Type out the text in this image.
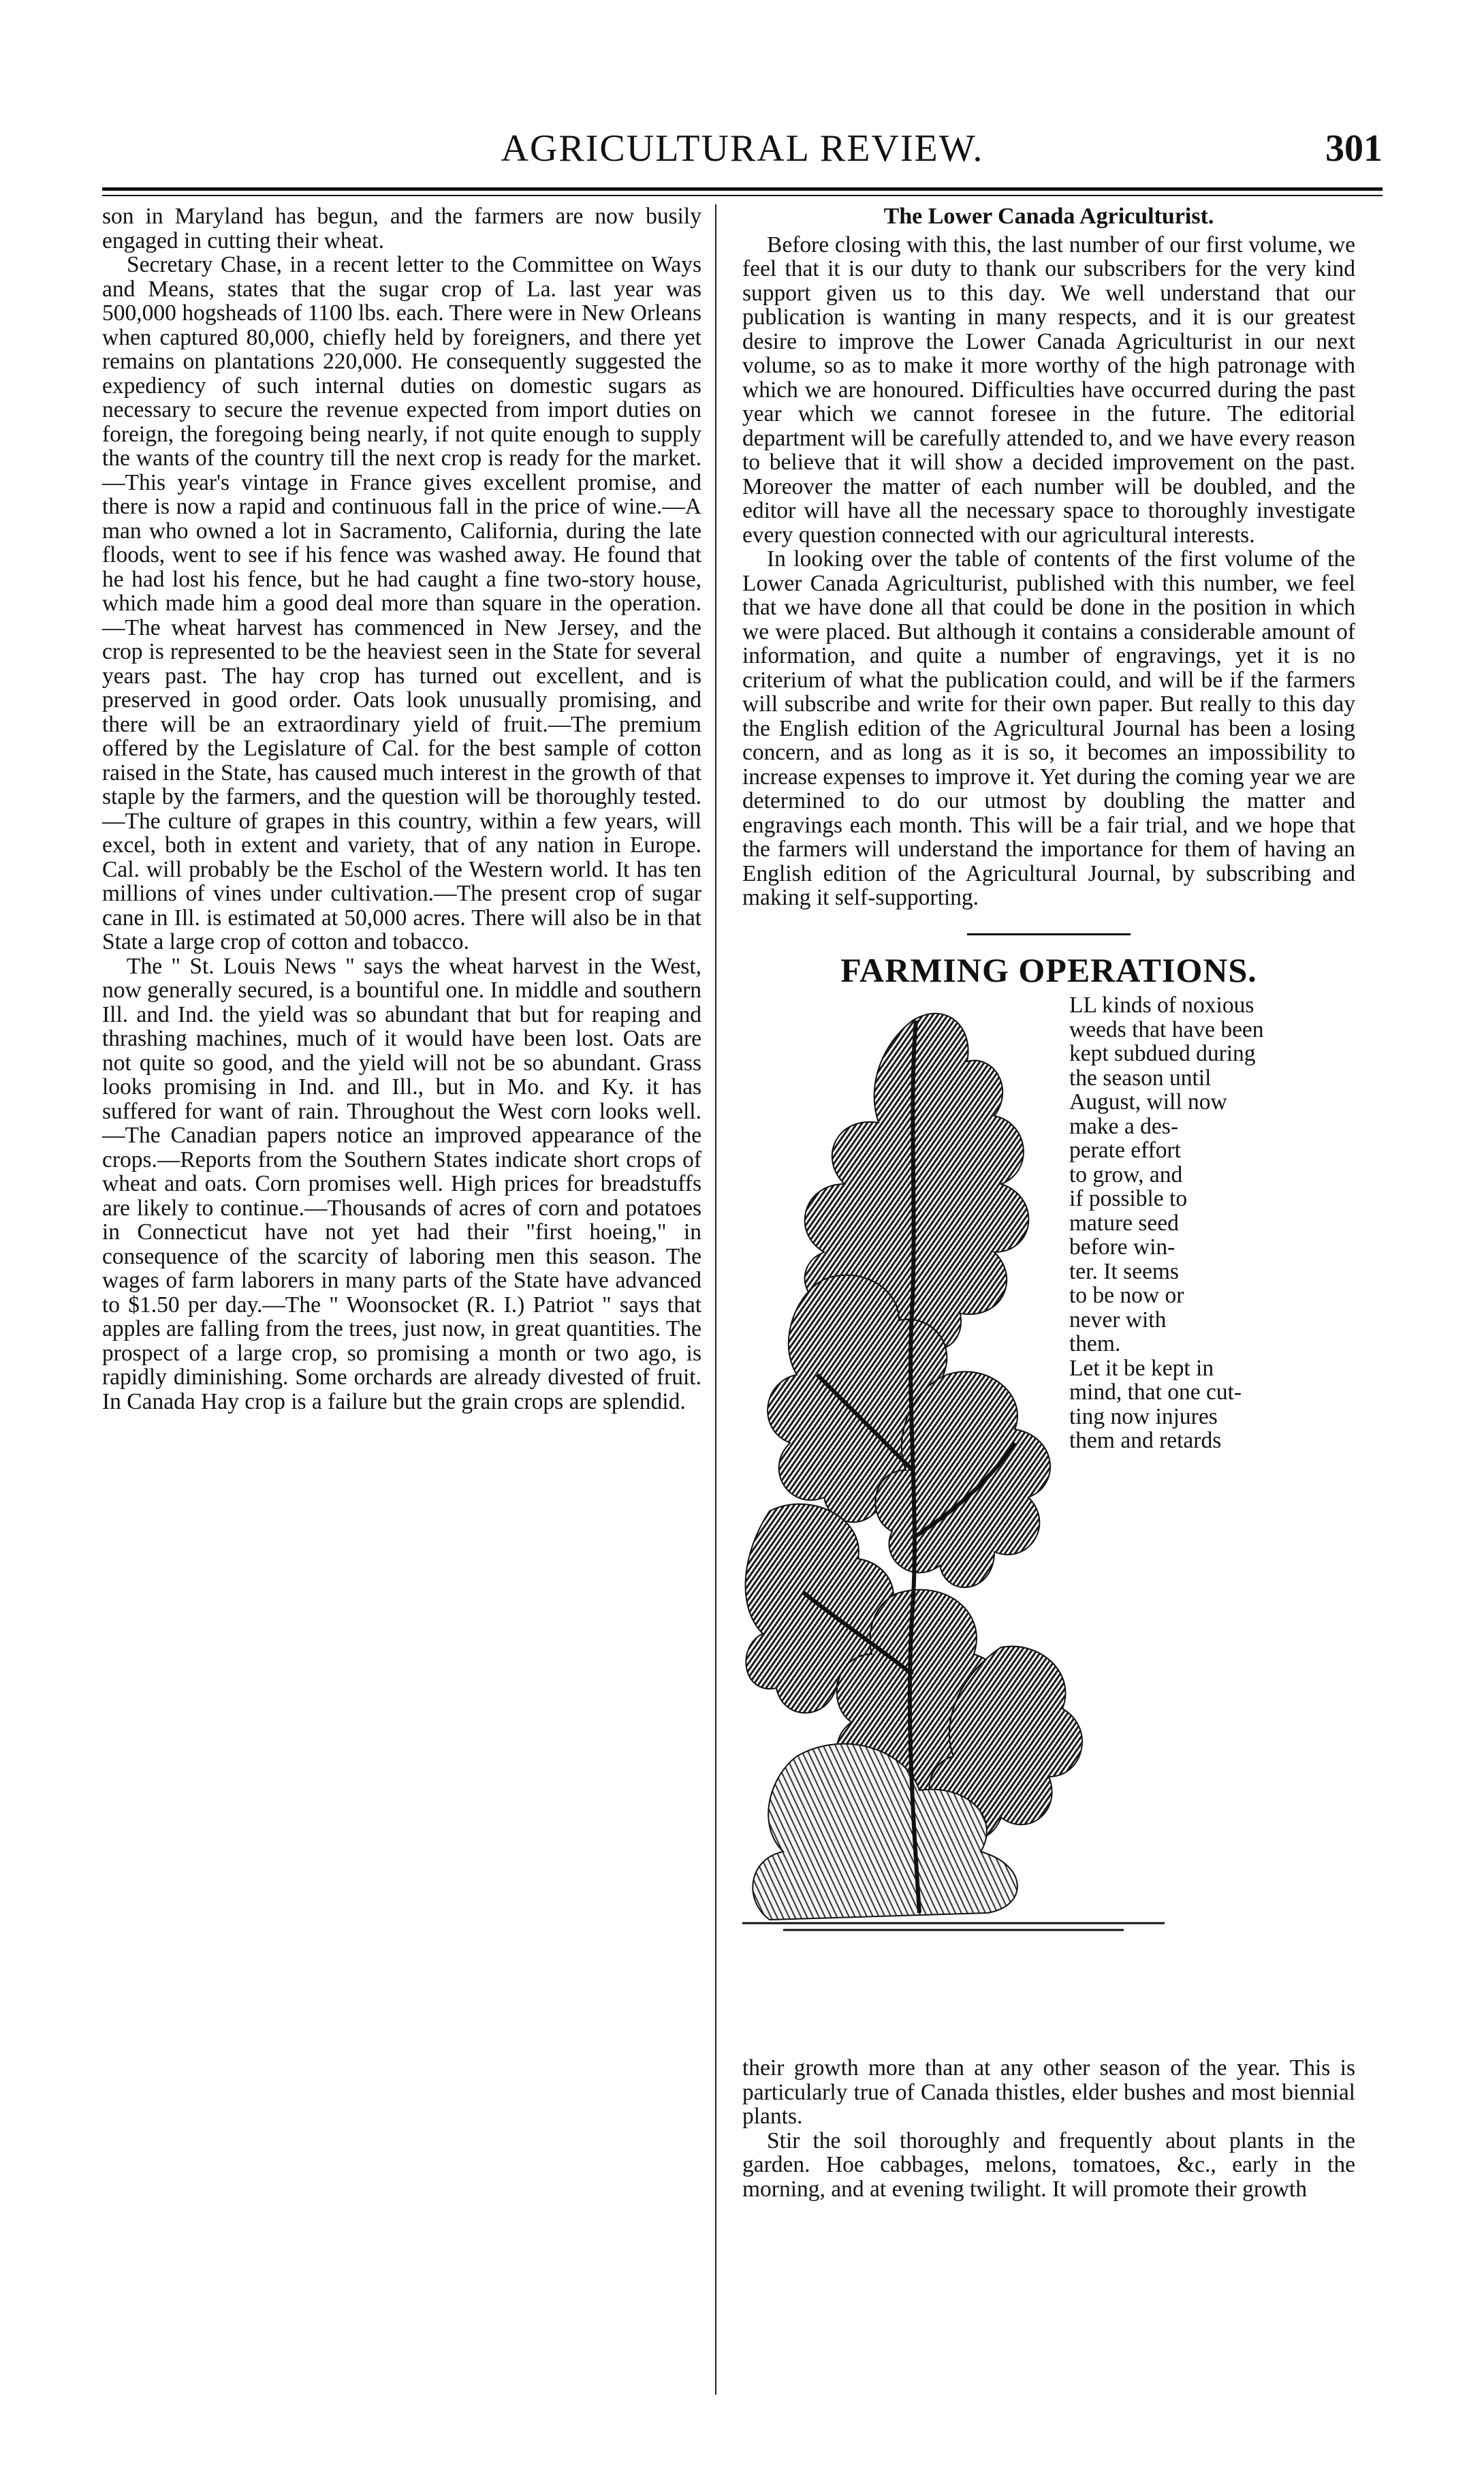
AGRICULTURAL REVIEW.	301

son in Maryland has begun, and the farmers are now busily engaged in cutting their wheat.

Secretary Chase, in a recent letter to the Committee on Ways and Means, states that the sugar crop of La. last year was 500,000 hogsheads of 1100 lbs. each. There were in New Orleans when captured 80,000, chiefly held by foreigners, and there yet remains on plantations 220,000. He consequently suggested the expediency of such internal duties on domestic sugars as necessary to secure the revenue expected from import duties on foreign, the foregoing being nearly, if not quite enough to supply the wants of the country till the next crop is ready for the market.—This year's vintage in France gives excellent promise, and there is now a rapid and continuous fall in the price of wine.—A man who owned a lot in Sacramento, California, during the late floods, went to see if his fence was washed away. He found that he had lost his fence, but he had caught a fine two-story house, which made him a good deal more than square in the operation.—The wheat harvest has commenced in New Jersey, and the crop is represented to be the heaviest seen in the State for several years past. The hay crop has turned out excellent, and is preserved in good order. Oats look unusually promising, and there will be an extraordinary yield of fruit.—The premium offered by the Legislature of Cal. for the best sample of cotton raised in the State, has caused much interest in the growth of that staple by the farmers, and the question will be thoroughly tested.—The culture of grapes in this country, within a few years, will excel, both in extent and variety, that of any nation in Europe. Cal. will probably be the Eschol of the Western world. It has ten millions of vines under cultivation.—The present crop of sugar cane in Ill. is estimated at 50,000 acres. There will also be in that State a large crop of cotton and tobacco.

The " St. Louis News " says the wheat harvest in the West, now generally secured, is a bountiful one. In middle and southern Ill. and Ind. the yield was so abundant that but for reaping and thrashing machines, much of it would have been lost. Oats are not quite so good, and the yield will not be so abundant. Grass looks promising in Ind. and Ill., but in Mo. and Ky. it has suffered for want of rain. Throughout the West corn looks well.—The Canadian papers notice an improved appearance of the crops.—Reports from the Southern States indicate short crops of wheat and oats. Corn promises well. High prices for breadstuffs are likely to continue.—Thousands of acres of corn and potatoes in Connecticut have not yet had their "first hoeing," in consequence of the scarcity of laboring men this season. The wages of farm laborers in many parts of the State have advanced to $1.50 per day.—The " Woonsocket (R. I.) Patriot " says that apples are falling from the trees, just now, in great quantities. The prospect of a large crop, so promising a month or two ago, is rapidly diminishing. Some orchards are already divested of fruit. In Canada Hay crop is a failure but the grain crops are splendid.

The Lower Canada Agriculturist.

Before closing with this, the last number of our first volume, we feel that it is our duty to thank our subscribers for the very kind support given us to this day. We well understand that our publication is wanting in many respects, and it is our greatest desire to improve the Lower Canada Agriculturist in our next volume, so as to make it more worthy of the high patronage with which we are honoured. Difficulties have occurred during the past year which we cannot foresee in the future. The editorial department will be carefully attended to, and we have every reason to believe that it will show a decided improvement on the past. Moreover the matter of each number will be doubled, and the editor will have all the necessary space to thoroughly investigate every question connected with our agricultural interests.

In looking over the table of contents of the first volume of the Lower Canada Agriculturist, published with this number, we feel that we have done all that could be done in the position in which we were placed. But although it contains a considerable amount of information, and quite a number of engravings, yet it is no criterium of what the publication could, and will be if the farmers will subscribe and write for their own paper. But really to this day the English edition of the Agricultural Journal has been a losing concern, and as long as it is so, it becomes an impossibility to increase expenses to improve it. Yet during the coming year we are determined to do our utmost by doubling the matter and engravings each month. This will be a fair trial, and we hope that the farmers will understand the importance for them of having an English edition of the Agricultural Journal, by subscribing and making it self-supporting.

FARMING OPERATIONS.
LL kinds of noxious
weeds that have been
kept subdued during
the season until
August, will now
make a des-
perate effort
to grow, and
if possible to
mature seed
before win-
ter. It seems
to be now or
never with
them.
Let it be kept in
mind, that one cut-
ting now injures
them and retards

their growth more than at any other season of the year. This is particularly true of Canada thistles, elder bushes and most biennial plants.

Stir the soil thoroughly and frequently about plants in the garden. Hoe cabbages, melons, tomatoes, &c., early in the morning, and at evening twilight. It will promote their growth
